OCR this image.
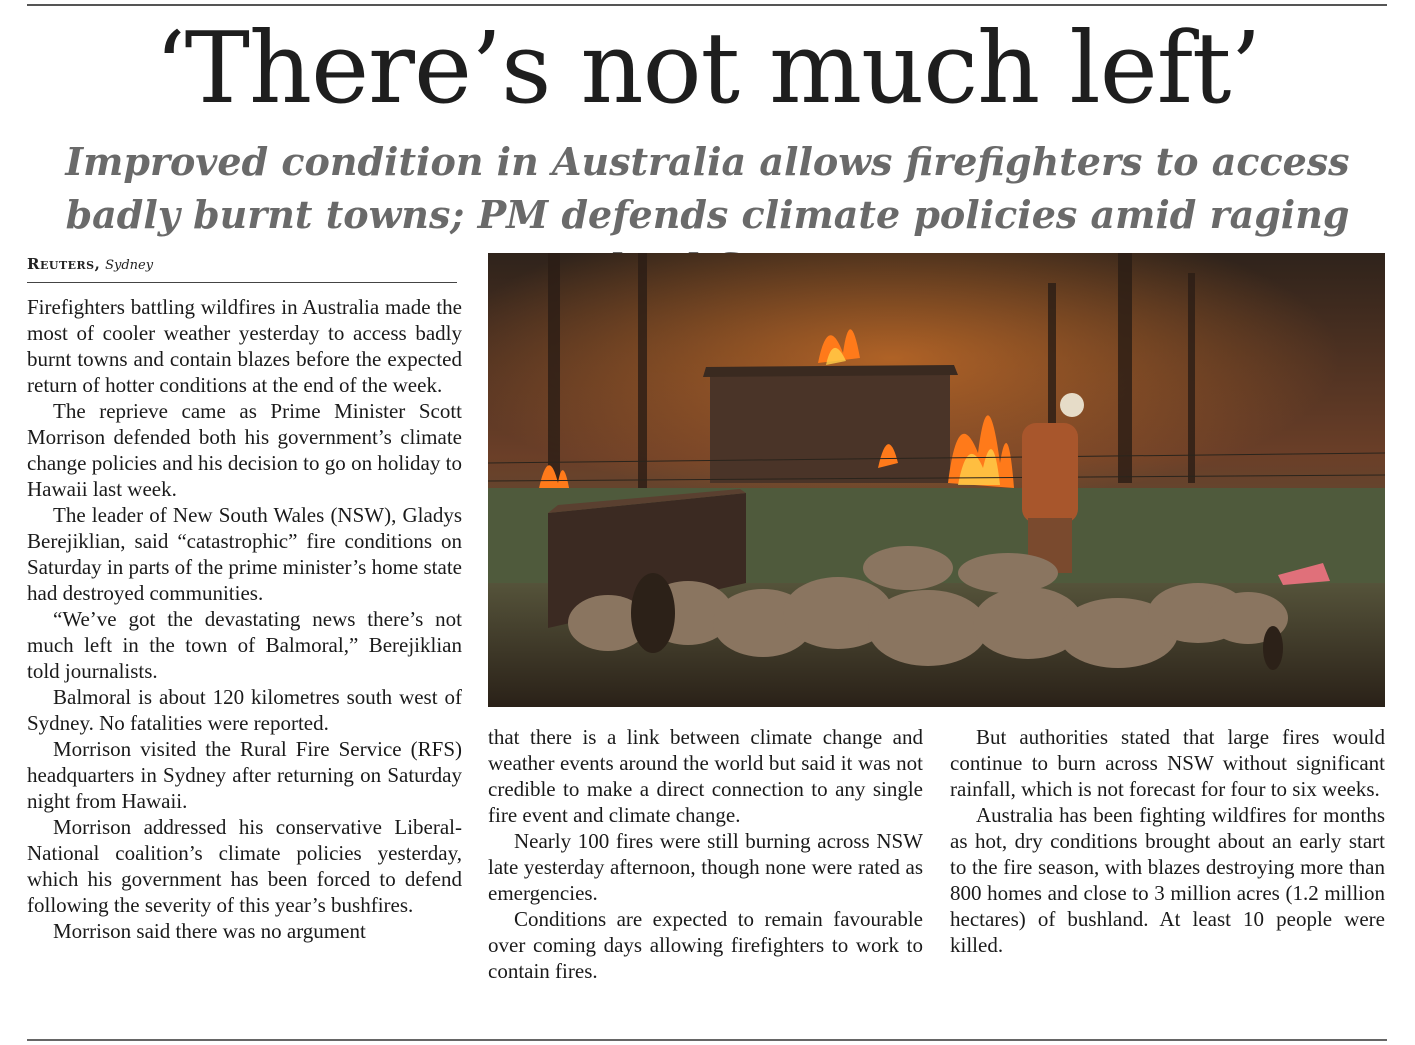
‘There’s not much left’
Improved condition in Australia allows firefighters to access badly burnt towns; PM defends climate policies amid raging
Reuters, Sydney

Firefighters battling wildfires in Australia made the most of cooler weather yesterday to access badly burnt towns and contain blazes before the expected return of hotter conditions at the end of the week.

The reprieve came as Prime Minister Scott Morrison defended both his government’s climate change policies and his decision to go on holiday to Hawaii last week.

The leader of New South Wales (NSW), Gladys Berejiklian, said “catastrophic” fire conditions on Saturday in parts of the prime minister’s home state had destroyed communities.

“We’ve got the devastating news there’s not much left in the town of Balmoral,” Berejiklian told journalists.

Balmoral is about 120 kilometres south west of Sydney. No fatalities were reported.

Morrison visited the Rural Fire Service (RFS) headquarters in Sydney after returning on Saturday night from Hawaii.

Morrison addressed his conservative Liberal-National coalition’s climate policies yesterday, which his government has been forced to defend following the severity of this year’s bushfires.

Morrison said there was no argument

that there is a link between climate change and weather events around the world but said it was not credible to make a direct connection to any single fire event and climate change.

Nearly 100 fires were still burning across NSW late yesterday afternoon, though none were rated as emergencies.

Conditions are expected to remain favourable over coming days allowing firefighters to work to contain fires.

But authorities stated that large fires would continue to burn across NSW without significant rainfall, which is not forecast for four to six weeks.

Australia has been fighting wildfires for months as hot, dry conditions brought about an early start to the fire season, with blazes destroying more than 800 homes and close to 3 million acres (1.2 million hectares) of bushland. At least 10 people were killed.
